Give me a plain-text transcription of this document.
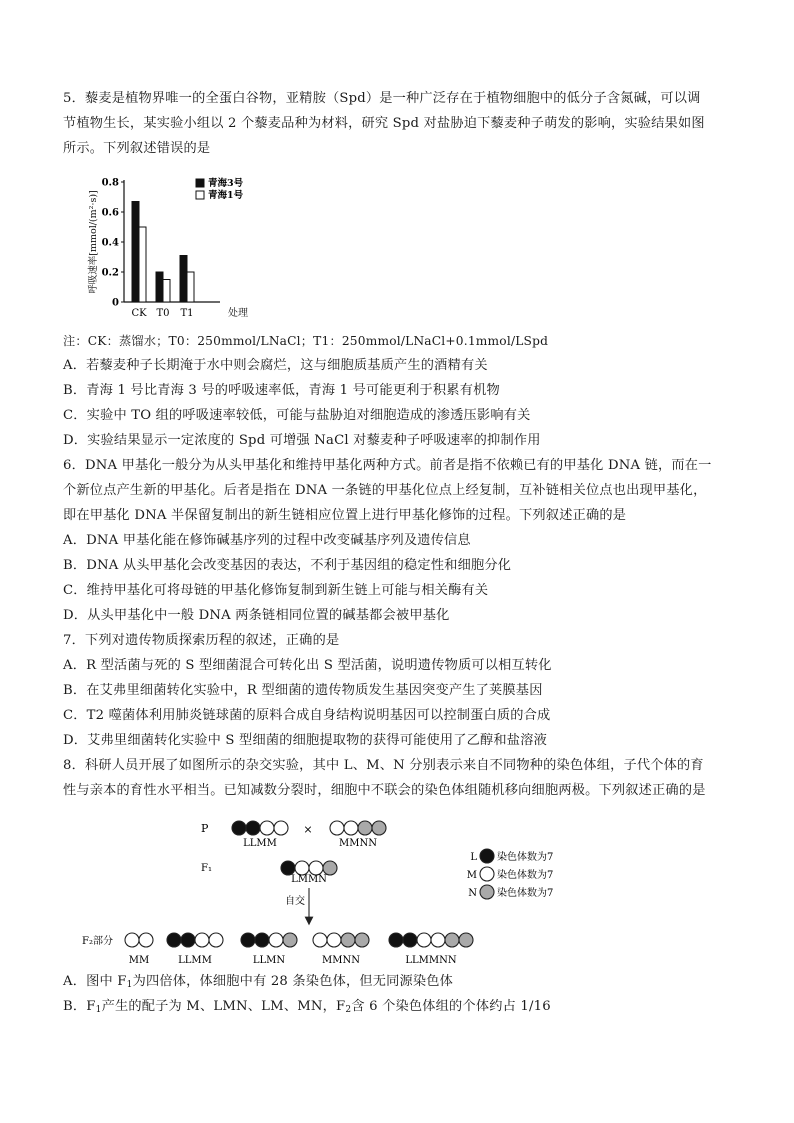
5．藜麦是植物界唯一的全蛋白谷物，亚精胺（Spd）是一种广泛存在于植物细胞中的低分子含氮碱，可以调
节植物生长，某实验小组以 2 个藜麦品种为材料，研究 Spd 对盐胁迫下藜麦种子萌发的影响，实验结果如图
所示。下列叙述错误的是
呼吸速率[mmol/(m²·s)]
0
0.2
0.4
0.6
0.8
CK T0 T1	处理
青海3号
青海1号
注：CK：蒸馏水；T0：250mmol/LNaCl；T1：250mmol/LNaCl+0.1mmol/LSpd
A．若藜麦种子长期淹于水中则会腐烂，这与细胞质基质产生的酒精有关
B．青海 1 号比青海 3 号的呼吸速率低，青海 1 号可能更利于积累有机物
C．实验中 TO 组的呼吸速率较低，可能与盐胁迫对细胞造成的渗透压影响有关
D．实验结果显示一定浓度的 Spd 可增强 NaCl 对藜麦种子呼吸速率的抑制作用
6．DNA 甲基化一般分为从头甲基化和维持甲基化两种方式。前者是指不依赖已有的甲基化 DNA 链，而在一
个新位点产生新的甲基化。后者是指在 DNA 一条链的甲基化位点上经复制，互补链相关位点也出现甲基化，
即在甲基化 DNA 半保留复制出的新生链相应位置上进行甲基化修饰的过程。下列叙述正确的是
A．DNA 甲基化能在修饰碱基序列的过程中改变碱基序列及遗传信息
B．DNA 从头甲基化会改变基因的表达，不利于基因组的稳定性和细胞分化
C．维持甲基化可将母链的甲基化修饰复制到新生链上可能与相关酶有关
D．从头甲基化中一般 DNA 两条链相同位置的碱基都会被甲基化
7．下列对遗传物质探索历程的叙述，正确的是
A．R 型活菌与死的 S 型细菌混合可转化出 S 型活菌，说明遗传物质可以相互转化
B．在艾弗里细菌转化实验中，R 型细菌的遗传物质发生基因突变产生了荚膜基因
C．T2 噬菌体利用肺炎链球菌的原料合成自身结构说明基因可以控制蛋白质的合成
D．艾弗里细菌转化实验中 S 型细菌的细胞提取物的获得可能使用了乙醇和盐溶液
8．科研人员开展了如图所示的杂交实验，其中 L、M、N 分别表示来自不同物种的染色体组，子代个体的育
性与亲本的育性水平相当。已知减数分裂时，细胞中不联会的染色体组随机移向细胞两极。下列叙述正确的是
P
LLMM
×
MMNN
F₁
LMMN
自交
L 染色体数为7
M 染色体数为7
N 染色体数为7
F₂部分
MM	LLMM	LLMN	MMNN	LLMMNN
A．图中 $F_1$为四倍体，体细胞中有 28 条染色体，但无同源染色体
B．$F_1$产生的配子为 M、LMN、LM、MN，$F_2$含 6 个染色体组的个体约占 1/16
